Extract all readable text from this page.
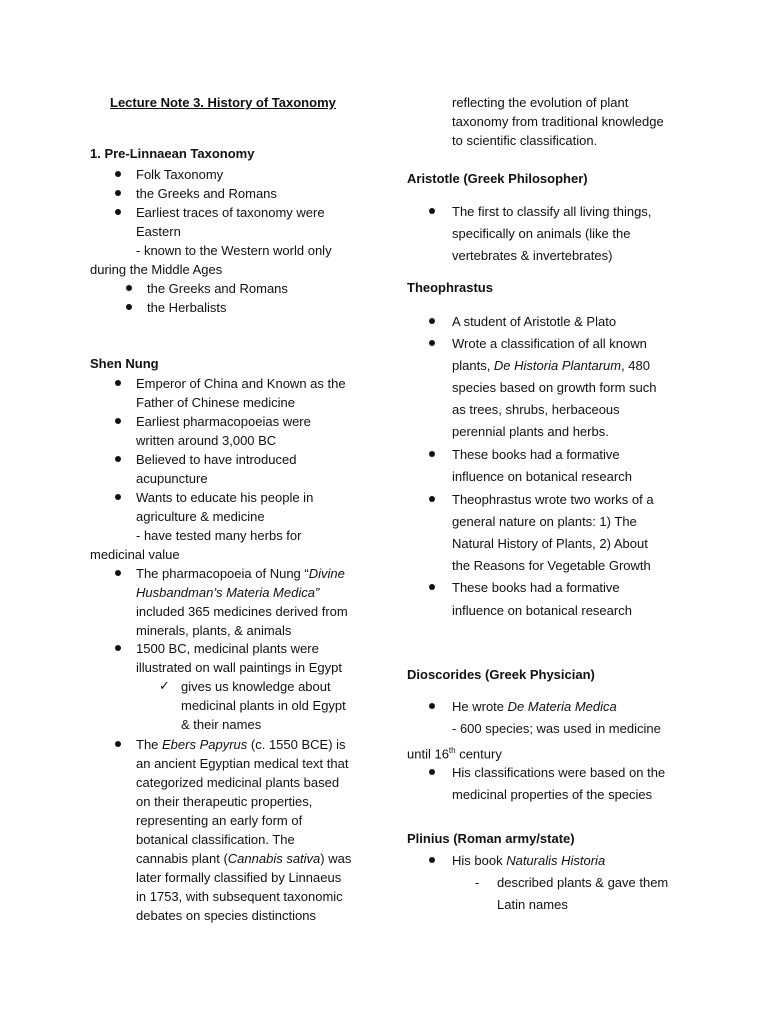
Lecture Note 3. History of Taxonomy
1. Pre-Linnaean Taxonomy
Folk Taxonomy
the Greeks and Romans
Earliest traces of taxonomy were
Eastern
- known to the Western world only
during the Middle Ages
the Greeks and Romans
the Herbalists
Shen Nung
Emperor of China and Known as the
Father of Chinese medicine
Earliest pharmacopoeias were
written around 3,000 BC
Believed to have introduced
acupuncture
Wants to educate his people in
agriculture & medicine
- have tested many herbs for
medicinal value
The pharmacopoeia of Nung “Divine
Husbandman’s Materia Medica”
included 365 medicines derived from
minerals, plants, & animals
1500 BC, medicinal plants were
illustrated on wall paintings in Egypt
✓ gives us knowledge about
medicinal plants in old Egypt
& their names
The Ebers Papyrus (c. 1550 BCE) is
an ancient Egyptian medical text that
categorized medicinal plants based
on their therapeutic properties,
representing an early form of
botanical classification. The
cannabis plant (Cannabis sativa) was
later formally classified by Linnaeus
in 1753, with subsequent taxonomic
debates on species distinctions
reflecting the evolution of plant
taxonomy from traditional knowledge
to scientific classification.
Aristotle (Greek Philosopher)
The first to classify all living things,
specifically on animals (like the
vertebrates & invertebrates)
Theophrastus
A student of Aristotle & Plato
Wrote a classification of all known
plants, De Historia Plantarum, 480
species based on growth form such
as trees, shrubs, herbaceous
perennial plants and herbs.
These books had a formative
influence on botanical research
Theophrastus wrote two works of a
general nature on plants: 1) The
Natural History of Plants, 2) About
the Reasons for Vegetable Growth
These books had a formative
influence on botanical research
Dioscorides (Greek Physician)
He wrote De Materia Medica
- 600 species; was used in medicine
until 16th century
His classifications were based on the
medicinal properties of the species
Plinius (Roman army/state)
His book Naturalis Historia
- described plants & gave them
Latin names
